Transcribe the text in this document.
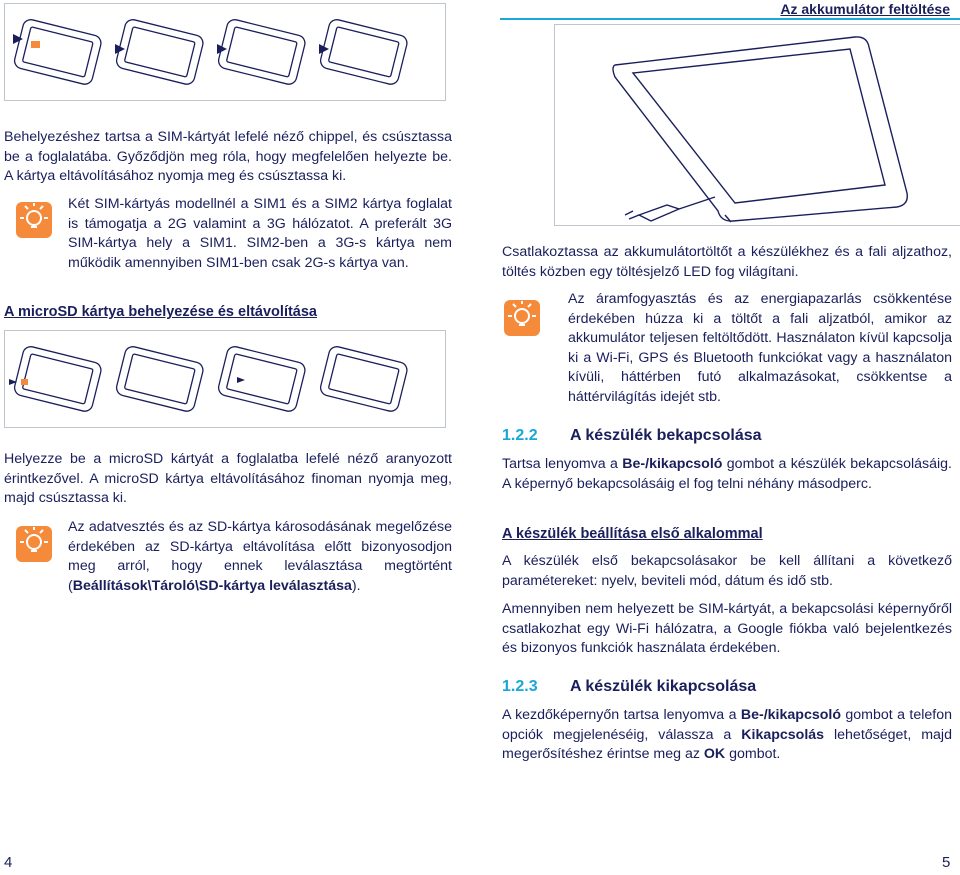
Az akkumulátor feltöltése
Behelyezéshez tartsa a SIM-kártyát lefelé néző chippel, és csúsztassa be a foglalatába. Győződjön meg róla, hogy megfelelően helyezte be. A kártya eltávolításához nyomja meg és csúsztassa ki.
Két SIM-kártyás modellnél a SIM1 és a SIM2 kártya foglalat is támogatja a 2G valamint a 3G hálózatot. A preferált 3G SIM-kártya hely a SIM1. SIM2-ben a 3G-s kártya nem működik amennyiben SIM1-ben csak 2G-s kártya van.
A microSD kártya behelyezése és eltávolítása
Helyezze be a microSD kártyát a foglalatba lefelé néző aranyozott érintkezővel. A microSD kártya eltávolításához finoman nyomja meg, majd csúsztassa ki.
Az adatvesztés és az SD-kártya károsodásának megelőzése érdekében az SD-kártya eltávolítása előtt bizonyosodjon meg arról, hogy ennek leválasztása megtörtént (Beállítások\Tároló\SD-kártya leválasztása).
4
Csatlakoztassa az akkumulátortöltőt a készülékhez és a fali aljzathoz, töltés közben egy töltésjelző LED fog világítani.
Az áramfogyasztás és az energiapazarlás csökkentése érdekében húzza ki a töltőt a fali aljzatból, amikor az akkumulátor teljesen feltöltődött. Használaton kívül kapcsolja ki a Wi-Fi, GPS és Bluetooth funkciókat vagy a használaton kívüli, háttérben futó alkalmazásokat, csökkentse a háttérvilágítás idejét stb.
1.2.2 A készülék bekapcsolása
Tartsa lenyomva a Be-/kikapcsoló gombot a készülék bekapcsolásáig. A képernyő bekapcsolásáig el fog telni néhány másodperc.
A készülék beállítása első alkalommal
A készülék első bekapcsolásakor be kell állítani a következő paramétereket: nyelv, beviteli mód, dátum és idő stb.
Amennyiben nem helyezett be SIM-kártyát, a bekapcsolási képernyőről csatlakozhat egy Wi-Fi hálózatra, a Google fiókba való bejelentkezés és bizonyos funkciók használata érdekében.
1.2.3 A készülék kikapcsolása
A kezdőképernyőn tartsa lenyomva a Be-/kikapcsoló gombot a telefon opciók megjelenéséig, válassza a Kikapcsolás lehetőséget, majd megerősítéshez érintse meg az OK gombot.
5
